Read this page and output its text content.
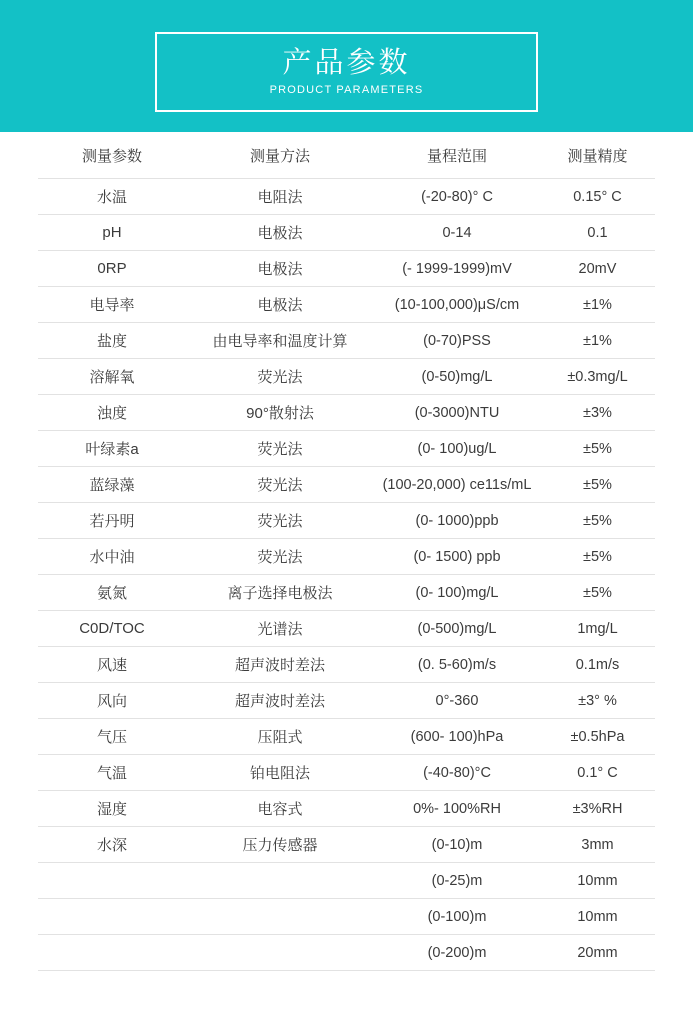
产品参数
PRODUCT PARAMETERS
测量参数	测量方法	量程范围	测量精度
水温	电阻法	(-20-80)° C	0.15° C
pH	电极法	0-14	0.1
0RP	电极法	(- 1999-1999)mV	20mV
电导率	电极法	(10-100,000)μS/cm	±1%
盐度	由电导率和温度计算	(0-70)PSS	±1%
溶解氧	荧光法	(0-50)mg/L	±0.3mg/L
浊度	90°散射法	(0-3000)NTU	±3%
叶绿素a	荧光法	(0- 100)ug/L	±5%
蓝绿藻	荧光法	(100-20,000) ce11s/mL	±5%
若丹明	荧光法	(0- 1000)ppb	±5%
水中油	荧光法	(0- 1500) ppb	±5%
氨氮	离子选择电极法	(0- 100)mg/L	±5%
C0D/TOC	光谱法	(0-500)mg/L	1mg/L
风速	超声波时差法	(0. 5-60)m/s	0.1m/s
风向	超声波时差法	0°-360	±3° %
气压	压阻式	(600- 100)hPa	±0.5hPa
气温	铂电阻法	(-40-80)°C	0.1° C
湿度	电容式	0%- 100%RH	±3%RH
水深	压力传感器	(0-10)m	3mm
		(0-25)m	10mm
		(0-100)m	10mm
		(0-200)m	20mm
